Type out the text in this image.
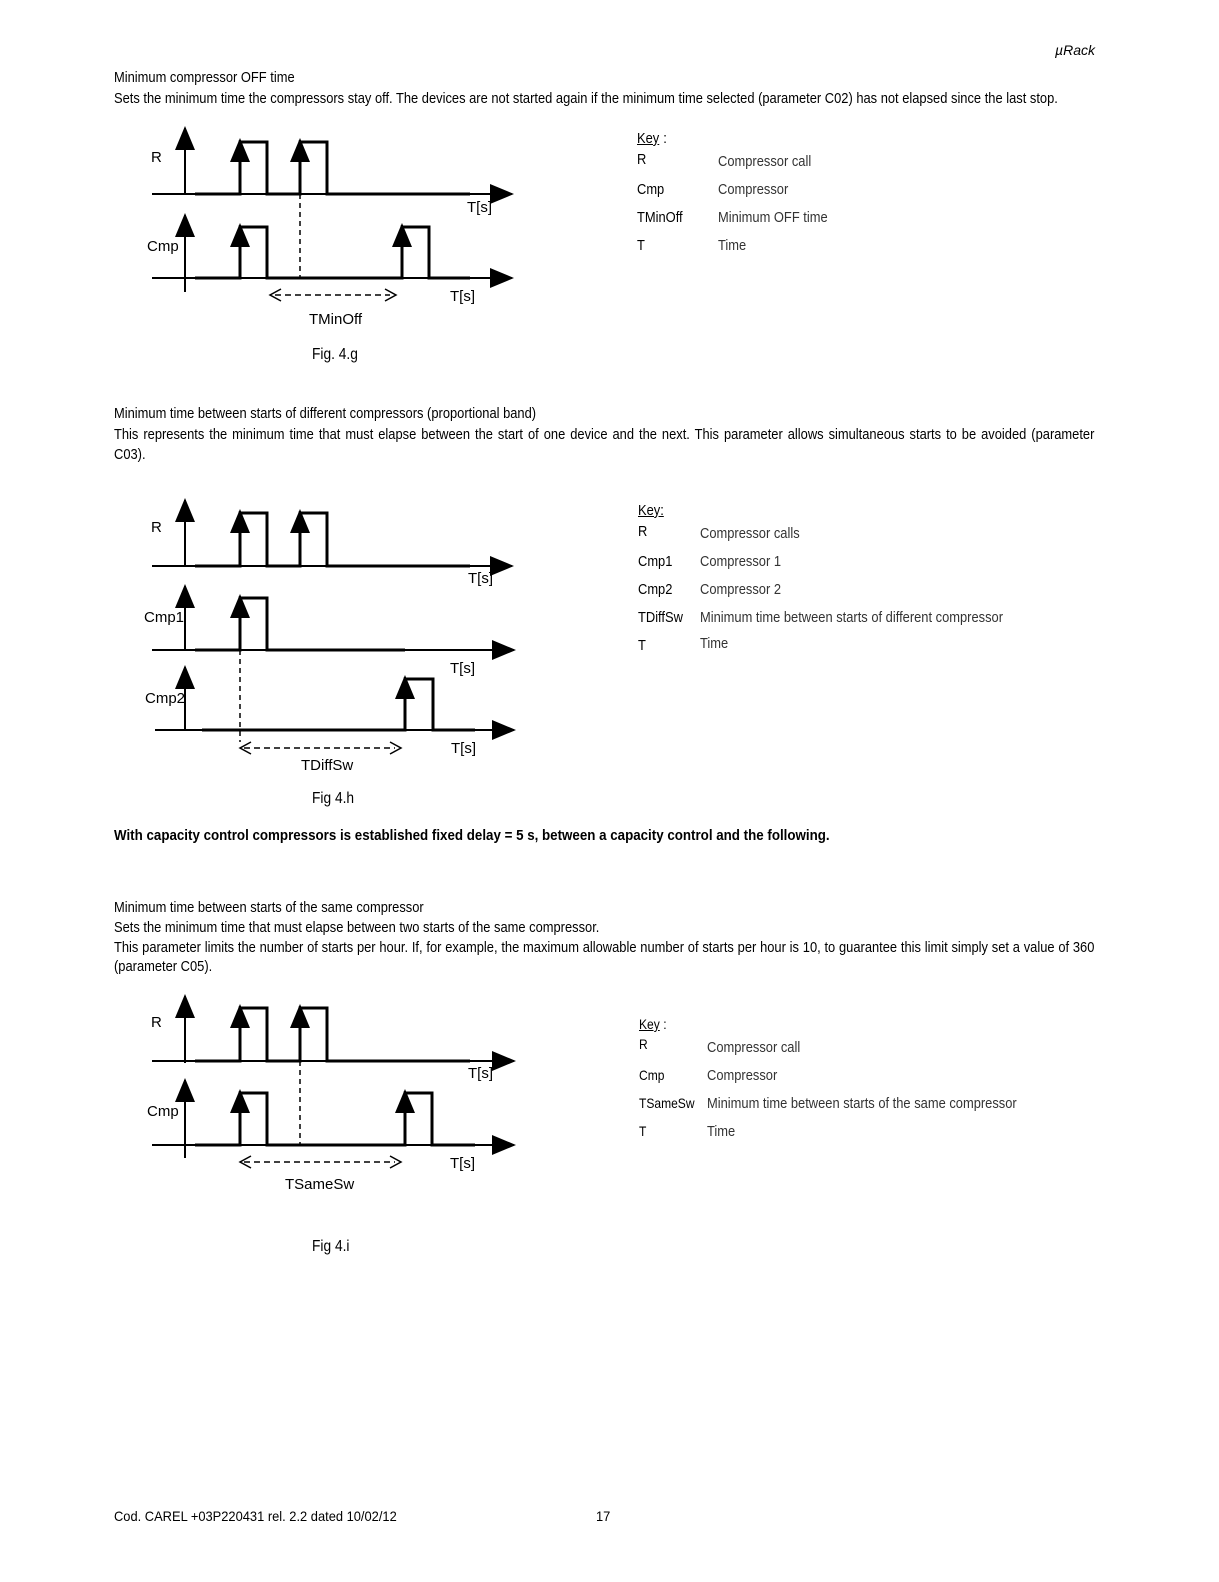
µRack
Minimum compressor OFF time

Sets the minimum time the compressors stay off. The devices are not started again if the minimum time selected (parameter C02) has not elapsed since the last stop.

R
Cmp
T[s]
T[s]
TMinOff
Fig. 4.g
Key :
R	Compressor call
Cmp	Compressor
TMinOff Minimum OFF time
T	Time
Minimum time between starts of different compressors (proportional band)

This represents the minimum time that must elapse between the start of one device and the next. This parameter allows simultaneous starts to be avoided (parameter C03).

R
Cmp1
Cmp2
T[s]
T[s]
T[s]
TDiffSw
Fig 4.h
Key:
R	Compressor calls
Cmp1 Compressor 1
Cmp2 Compressor 2
TDiffSw Minimum time between starts of different compressor
T	Time
With capacity control compressors is established fixed delay = 5 s, between a capacity control and the following.
Minimum time between starts of the same compressor

Sets the minimum time that must elapse between two starts of the same compressor.

This parameter limits the number of starts per hour. If, for example, the maximum allowable number of starts per hour is 10, to guarantee this limit simply set a value of 360 (parameter C05).

R
Cmp
T[s]
T[s]
TSameSw
Fig 4.i
Key :
R	Compressor call
Cmp	Compressor
TSameSw Minimum time between starts of the same compressor
T	Time
Cod. CAREL +03P220431 rel. 2.2 dated 10/02/12	17
